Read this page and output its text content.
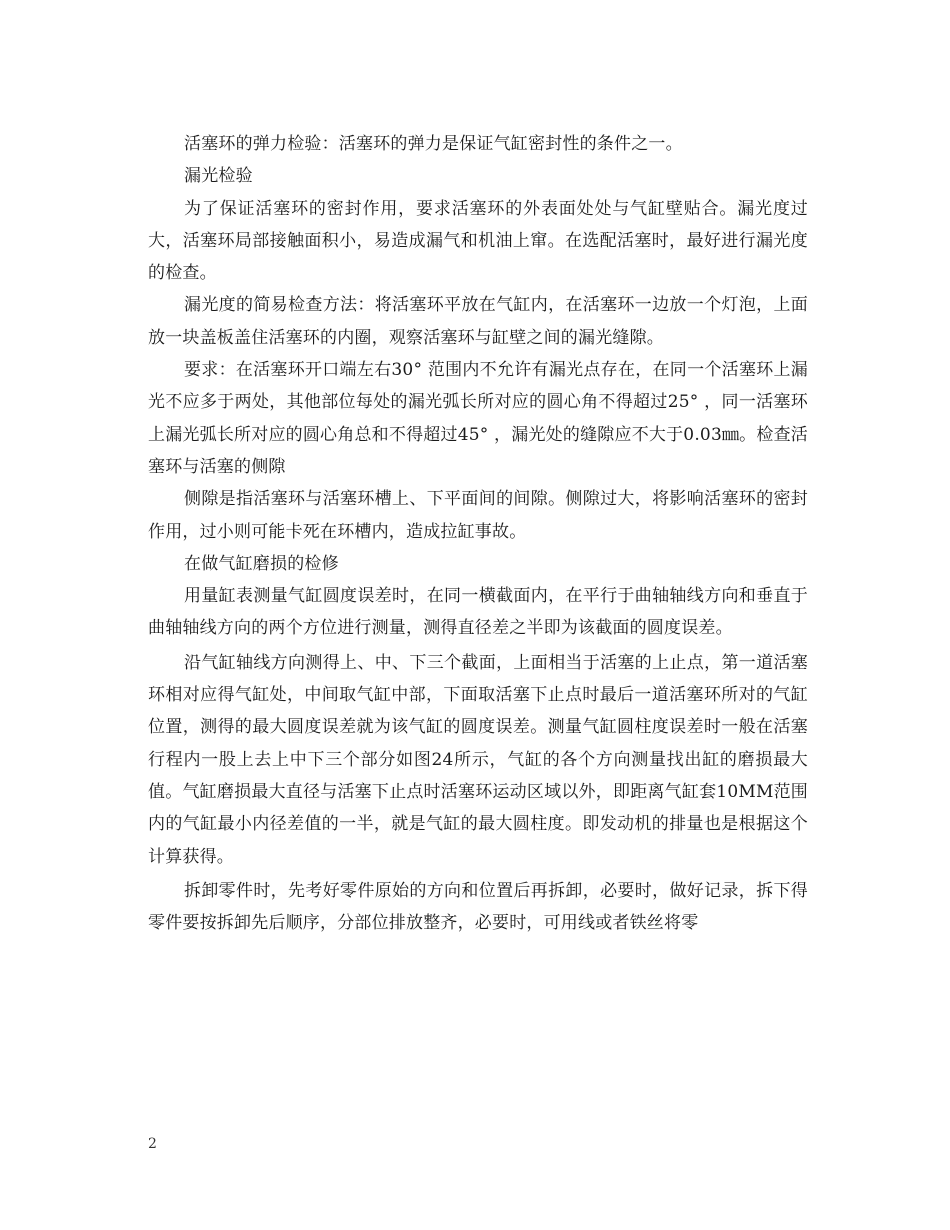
活塞环的弹力检验：活塞环的弹力是保证气缸密封性的条件之一。

漏光检验

为了保证活塞环的密封作用，要求活塞环的外表面处处与气缸壁贴合。漏光度过大，活塞环局部接触面积小，易造成漏气和机油上窜。在选配活塞时，最好进行漏光度的检查。

漏光度的简易检查方法：将活塞环平放在气缸内，在活塞环一边放一个灯泡，上面放一块盖板盖住活塞环的内圈，观察活塞环与缸壁之间的漏光缝隙。

要求：在活塞环开口端左右30° 范围内不允许有漏光点存在，在同一个活塞环上漏光不应多于两处，其他部位每处的漏光弧长所对应的圆心角不得超过25° ，同一活塞环上漏光弧长所对应的圆心角总和不得超过45° ，漏光处的缝隙应不大于0.03㎜。检查活塞环与活塞的侧隙

侧隙是指活塞环与活塞环槽上、下平面间的间隙。侧隙过大，将影响活塞环的密封作用，过小则可能卡死在环槽内，造成拉缸事故。

在做气缸磨损的检修

用量缸表测量气缸圆度误差时，在同一横截面内，在平行于曲轴轴线方向和垂直于曲轴轴线方向的两个方位进行测量，测得直径差之半即为该截面的圆度误差。

沿气缸轴线方向测得上、中、下三个截面，上面相当于活塞的上止点，第一道活塞环相对应得气缸处，中间取气缸中部，下面取活塞下止点时最后一道活塞环所对的气缸位置，测得的最大圆度误差就为该气缸的圆度误差。测量气缸圆柱度误差时一般在活塞行程内一股上去上中下三个部分如图24所示，气缸的各个方向测量找出缸的磨损最大值。气缸磨损最大直径与活塞下止点时活塞环运动区域以外，即距离气缸套10MM范围内的气缸最小内径差值的一半，就是气缸的最大圆柱度。即发动机的排量也是根据这个计算获得。

拆卸零件时，先考好零件原始的方向和位置后再拆卸，必要时，做好记录，拆下得零件要按拆卸先后顺序，分部位排放整齐，必要时，可用线或者铁丝将零

2
